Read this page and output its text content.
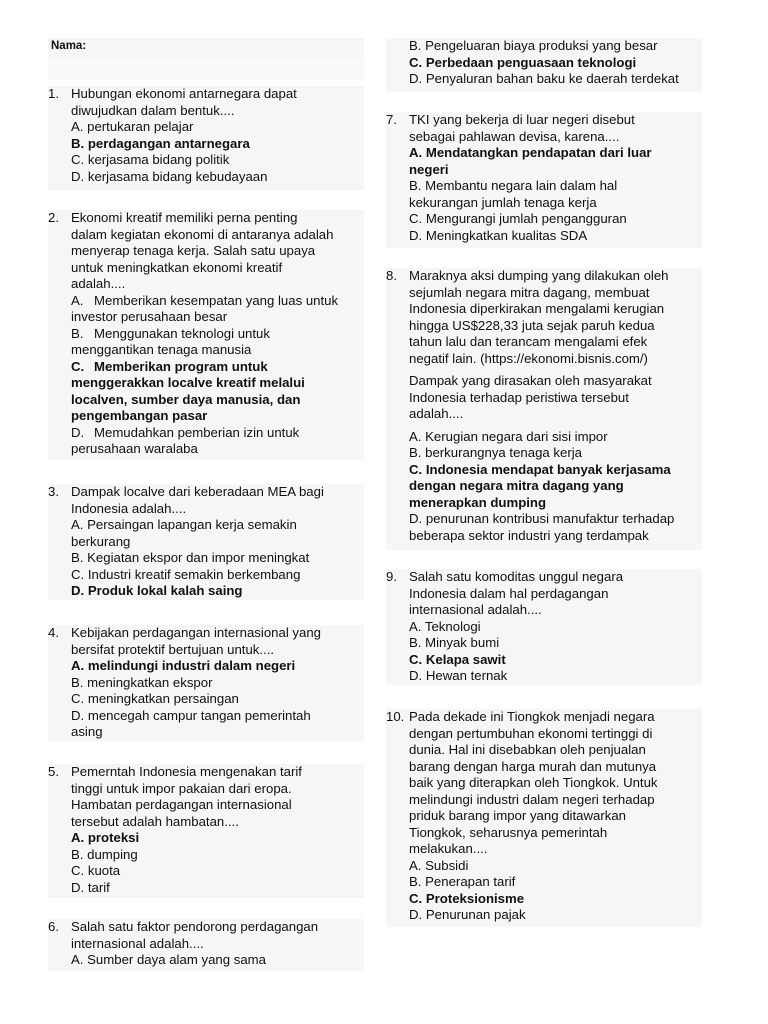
Nama:
1. Hubungan ekonomi antarnegara dapat
diwujudkan dalam bentuk....
A. pertukaran pelajar
B. perdagangan antarnegara
C. kerjasama bidang politik
D. kerjasama bidang kebudayaan
2. Ekonomi kreatif memiliki perna penting
dalam kegiatan ekonomi di antaranya adalah
menyerap tenaga kerja. Salah satu upaya
untuk meningkatkan ekonomi kreatif
adalah....
A. Memberikan kesempatan yang luas untuk
investor perusahaan besar
B. Menggunakan teknologi untuk
menggantikan tenaga manusia
C. Memberikan program untuk
menggerakkan localve kreatif melalui
localven, sumber daya manusia, dan
pengembangan pasar
D. Memudahkan pemberian izin untuk
perusahaan waralaba
3. Dampak localve dari keberadaan MEA bagi
Indonesia adalah....
A. Persaingan lapangan kerja semakin
berkurang
B. Kegiatan ekspor dan impor meningkat
C. Industri kreatif semakin berkembang
D. Produk lokal kalah saing
4. Kebijakan perdagangan internasional yang
bersifat protektif bertujuan untuk....
A. melindungi industri dalam negeri
B. meningkatkan ekspor
C. meningkatkan persaingan
D. mencegah campur tangan pemerintah
asing
5. Pemerntah Indonesia mengenakan tarif
tinggi untuk impor pakaian dari eropa.
Hambatan perdagangan internasional
tersebut adalah hambatan....
A. proteksi
B. dumping
C. kuota
D. tarif
6. Salah satu faktor pendorong perdagangan
internasional adalah....
A. Sumber daya alam yang sama
B. Pengeluaran biaya produksi yang besar
C. Perbedaan penguasaan teknologi
D. Penyaluran bahan baku ke daerah terdekat
7. TKI yang bekerja di luar negeri disebut
sebagai pahlawan devisa, karena....
A. Mendatangkan pendapatan dari luar
negeri
B. Membantu negara lain dalam hal
kekurangan jumlah tenaga kerja
C. Mengurangi jumlah pengangguran
D. Meningkatkan kualitas SDA
8. Maraknya aksi dumping yang dilakukan oleh
sejumlah negara mitra dagang, membuat
Indonesia diperkirakan mengalami kerugian
hingga US$228,33 juta sejak paruh kedua
tahun lalu dan terancam mengalami efek
negatif lain. (https://ekonomi.bisnis.com/)
Dampak yang dirasakan oleh masyarakat
Indonesia terhadap peristiwa tersebut
adalah....
A. Kerugian negara dari sisi impor
B. berkurangnya tenaga kerja
C. Indonesia mendapat banyak kerjasama
dengan negara mitra dagang yang
menerapkan dumping
D. penurunan kontribusi manufaktur terhadap
beberapa sektor industri yang terdampak
9. Salah satu komoditas unggul negara
Indonesia dalam hal perdagangan
internasional adalah....
A. Teknologi
B. Minyak bumi
C. Kelapa sawit
D. Hewan ternak
10. Pada dekade ini Tiongkok menjadi negara
dengan pertumbuhan ekonomi tertinggi di
dunia. Hal ini disebabkan oleh penjualan
barang dengan harga murah dan mutunya
baik yang diterapkan oleh Tiongkok. Untuk
melindungi industri dalam negeri terhadap
priduk barang impor yang ditawarkan
Tiongkok, seharusnya pemerintah
melakukan....
A. Subsidi
B. Penerapan tarif
C. Proteksionisme
D. Penurunan pajak
